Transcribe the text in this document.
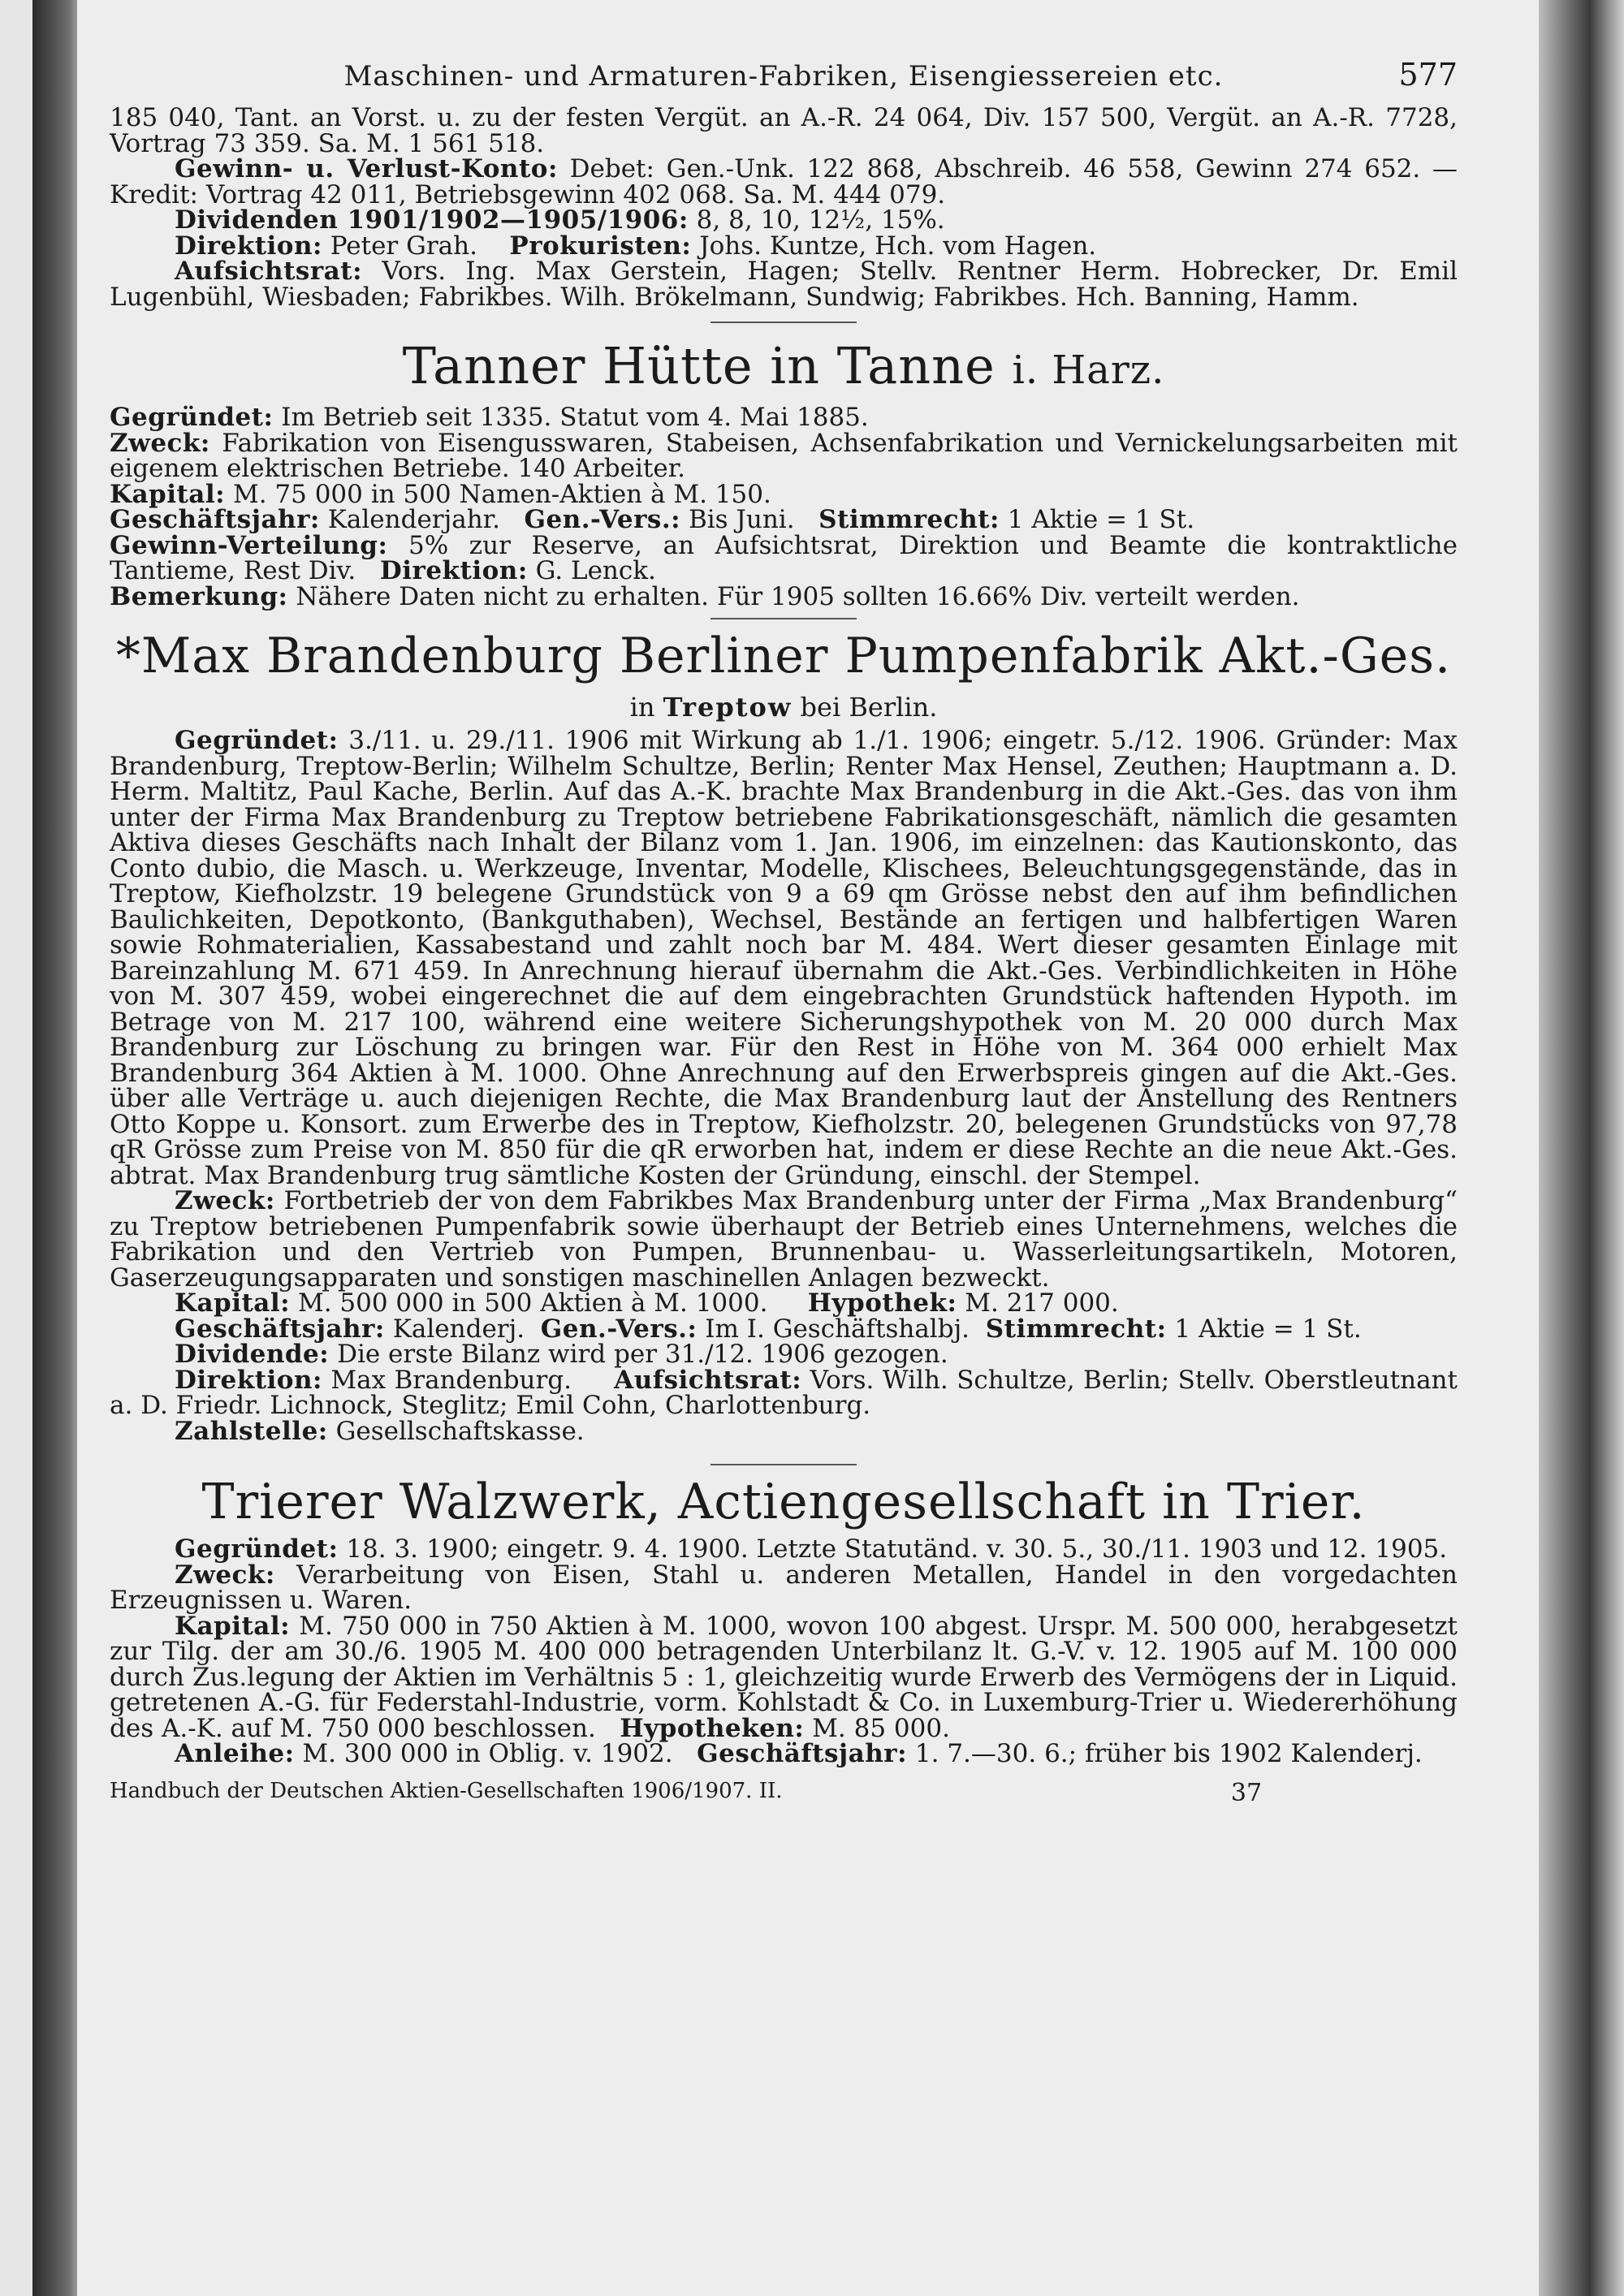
Maschinen- und Armaturen-Fabriken, Eisengiessereien etc.	577

185 040, Tant. an Vorst. u. zu der festen Vergüt. an A.-R. 24 064, Div. 157 500, Vergüt. an A.-R. 7728, Vortrag 73 359. Sa. M. 1 561 518.

Gewinn- u. Verlust-Konto: Debet: Gen.-Unk. 122 868, Abschreib. 46 558, Gewinn 274 652. — Kredit: Vortrag 42 011, Betriebsgewinn 402 068. Sa. M. 444 079.

Dividenden 1901/1902—1905/1906: 8, 8, 10, 12½, 15%.

Direktion: Peter Grah. Prokuristen: Johs. Kuntze, Hch. vom Hagen.

Aufsichtsrat: Vors. Ing. Max Gerstein, Hagen; Stellv. Rentner Herm. Hobrecker, Dr. Emil Lugenbühl, Wiesbaden; Fabrikbes. Wilh. Brökelmann, Sundwig; Fabrikbes. Hch. Banning, Hamm.

Tanner Hütte in Tanne i. Harz.

Gegründet: Im Betrieb seit 1335. Statut vom 4. Mai 1885.

Zweck: Fabrikation von Eisengusswaren, Stabeisen, Achsenfabrikation und Vernickelungsarbeiten mit eigenem elektrischen Betriebe. 140 Arbeiter.

Kapital: M. 75 000 in 500 Namen-Aktien à M. 150.

Geschäftsjahr: Kalenderjahr.   Gen.-Vers.: Bis Juni.   Stimmrecht: 1 Aktie = 1 St.

Gewinn-Verteilung: 5% zur Reserve, an Aufsichtsrat, Direktion und Beamte die kontraktliche Tantieme, Rest Div.   Direktion: G. Lenck.

Bemerkung: Nähere Daten nicht zu erhalten. Für 1905 sollten 16.66% Div. verteilt werden.

*Max Brandenburg Berliner Pumpenfabrik Akt.-Ges.
in Treptow bei Berlin.

Gegründet: 3./11. u. 29./11. 1906 mit Wirkung ab 1./1. 1906; eingetr. 5./12. 1906. Gründer: Max Brandenburg, Treptow-Berlin; Wilhelm Schultze, Berlin; Renter Max Hensel, Zeuthen; Hauptmann a. D. Herm. Maltitz, Paul Kache, Berlin. Auf das A.-K. brachte Max Brandenburg in die Akt.-Ges. das von ihm unter der Firma Max Brandenburg zu Treptow betriebene Fabrikationsgeschäft, nämlich die gesamten Aktiva dieses Geschäfts nach Inhalt der Bilanz vom 1. Jan. 1906, im einzelnen: das Kautionskonto, das Conto dubio, die Masch. u. Werkzeuge, Inventar, Modelle, Klischees, Beleuchtungsgegenstände, das in Treptow, Kiefholzstr. 19 belegene Grundstück von 9 a 69 qm Grösse nebst den auf ihm befindlichen Baulichkeiten, Depotkonto, (Bankguthaben), Wechsel, Bestände an fertigen und halbfertigen Waren sowie Rohmaterialien, Kassabestand und zahlt noch bar M. 484. Wert dieser gesamten Einlage mit Bareinzahlung M. 671 459. In Anrechnung hierauf übernahm die Akt.-Ges. Verbindlichkeiten in Höhe von M. 307 459, wobei eingerechnet die auf dem eingebrachten Grundstück haftenden Hypoth. im Betrage von M. 217 100, während eine weitere Sicherungshypothek von M. 20 000 durch Max Brandenburg zur Löschung zu bringen war. Für den Rest in Höhe von M. 364 000 erhielt Max Brandenburg 364 Aktien à M. 1000. Ohne Anrechnung auf den Erwerbspreis gingen auf die Akt.-Ges. über alle Verträge u. auch diejenigen Rechte, die Max Brandenburg laut der Anstellung des Rentners Otto Koppe u. Konsort. zum Erwerbe des in Treptow, Kiefholzstr. 20, belegenen Grundstücks von 97,78 qR Grösse zum Preise von M. 850 für die qR erworben hat, indem er diese Rechte an die neue Akt.-Ges. abtrat. Max Brandenburg trug sämtliche Kosten der Gründung, einschl. der Stempel.

Zweck: Fortbetrieb der von dem Fabrikbes Max Brandenburg unter der Firma „Max Brandenburg“ zu Treptow betriebenen Pumpenfabrik sowie überhaupt der Betrieb eines Unternehmens, welches die Fabrikation und den Vertrieb von Pumpen, Brunnenbau- u. Wasserleitungsartikeln, Motoren, Gaserzeugungsapparaten und sonstigen maschinellen Anlagen bezweckt.

Kapital: M. 500 000 in 500 Aktien à M. 1000.     Hypothek: M. 217 000.

Geschäftsjahr: Kalenderj.  Gen.-Vers.: Im I. Geschäftshalbj.  Stimmrecht: 1 Aktie = 1 St.

Dividende: Die erste Bilanz wird per 31./12. 1906 gezogen.

Direktion: Max Brandenburg.     Aufsichtsrat: Vors. Wilh. Schultze, Berlin; Stellv. Oberstleutnant a. D. Friedr. Lichnock, Steglitz; Emil Cohn, Charlottenburg.

Zahlstelle: Gesellschaftskasse.

Trierer Walzwerk, Actiengesellschaft in Trier.

Gegründet: 18. 3. 1900; eingetr. 9. 4. 1900. Letzte Statutänd. v. 30. 5., 30./11. 1903 und 12. 1905.

Zweck: Verarbeitung von Eisen, Stahl u. anderen Metallen, Handel in den vorgedachten Erzeugnissen u. Waren.

Kapital: M. 750 000 in 750 Aktien à M. 1000, wovon 100 abgest. Urspr. M. 500 000, herabgesetzt zur Tilg. der am 30./6. 1905 M. 400 000 betragenden Unterbilanz lt. G.-V. v. 12. 1905 auf M. 100 000 durch Zus.legung der Aktien im Verhältnis 5 : 1, gleichzeitig wurde Erwerb des Vermögens der in Liquid. getretenen A.-G. für Federstahl-Industrie, vorm. Kohlstadt & Co. in Luxemburg-Trier u. Wiedererhöhung des A.-K. auf M. 750 000 beschlossen.   Hypotheken: M. 85 000.

Anleihe: M. 300 000 in Oblig. v. 1902.   Geschäftsjahr: 1. 7.—30. 6.; früher bis 1902 Kalenderj.

Handbuch der Deutschen Aktien-Gesellschaften 1906/1907. II.	37
